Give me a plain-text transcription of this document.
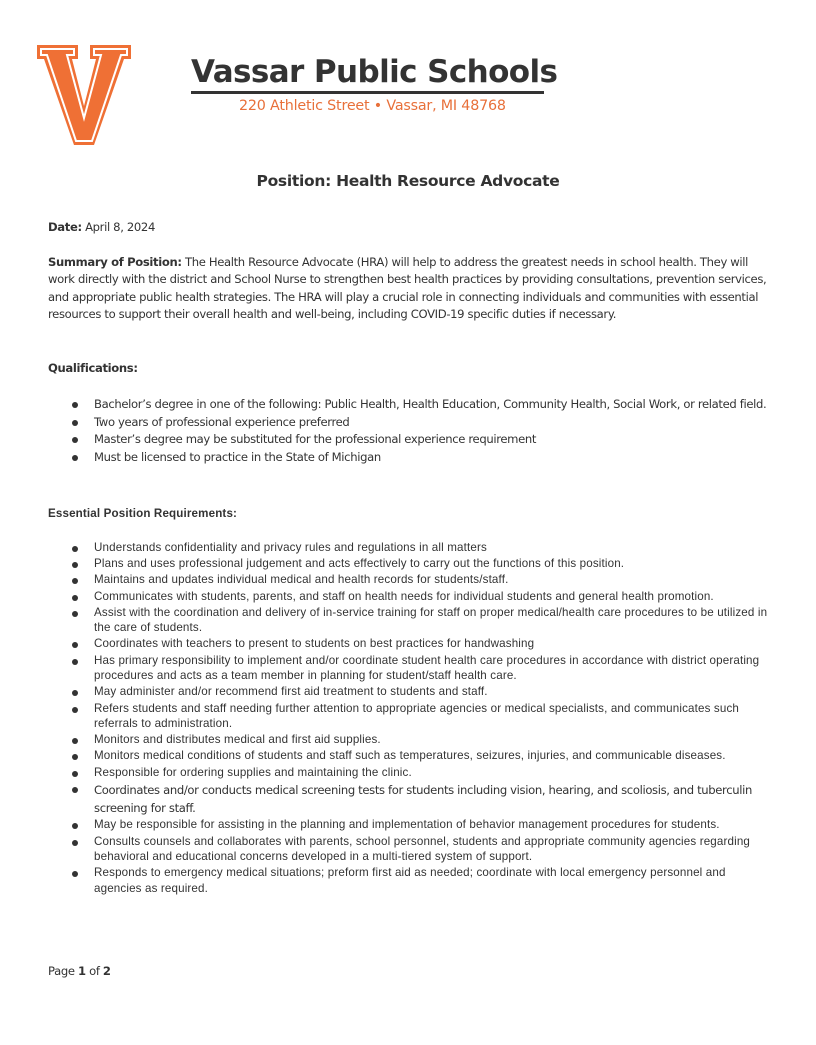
Vassar Public Schools
220 Athletic Street • Vassar, MI 48768
Position: Health Resource Advocate
Date: April 8, 2024
Summary of Position: The Health Resource Advocate (HRA) will help to address the greatest needs in school health. They will work directly with the district and School Nurse to strengthen best health practices by providing consultations, prevention services, and appropriate public health strategies. The HRA will play a crucial role in connecting individuals and communities with essential resources to support their overall health and well-being, including COVID-19 specific duties if necessary.
Qualifications:
Bachelor’s degree in one of the following: Public Health, Health Education, Community Health, Social Work, or related field.
Two years of professional experience preferred
Master’s degree may be substituted for the professional experience requirement
Must be licensed to practice in the State of Michigan
Essential Position Requirements:
Understands confidentiality and privacy rules and regulations in all matters
Plans and uses professional judgement and acts effectively to carry out the functions of this position.
Maintains and updates individual medical and health records for students/staff.
Communicates with students, parents, and staff on health needs for individual students and general health promotion.
Assist with the coordination and delivery of in-service training for staff on proper medical/health care procedures to be utilized in the care of students.
Coordinates with teachers to present to students on best practices for handwashing
Has primary responsibility to implement and/or coordinate student health care procedures in accordance with district operating procedures and acts as a team member in planning for student/staff health care.
May administer and/or recommend first aid treatment to students and staff.
Refers students and staff needing further attention to appropriate agencies or medical specialists, and communicates such referrals to administration.
Monitors and distributes medical and first aid supplies.
Monitors medical conditions of students and staff such as temperatures, seizures, injuries, and communicable diseases.
Responsible for ordering supplies and maintaining the clinic.
Coordinates and/or conducts medical screening tests for students including vision, hearing, and scoliosis, and tuberculin screening for staff.
May be responsible for assisting in the planning and implementation of behavior management procedures for students.
Consults counsels and collaborates with parents, school personnel, students and appropriate community agencies regarding behavioral and educational concerns developed in a multi-tiered system of support.
Responds to emergency medical situations; preform first aid as needed; coordinate with local emergency personnel and agencies as required.
Page 1 of 2
